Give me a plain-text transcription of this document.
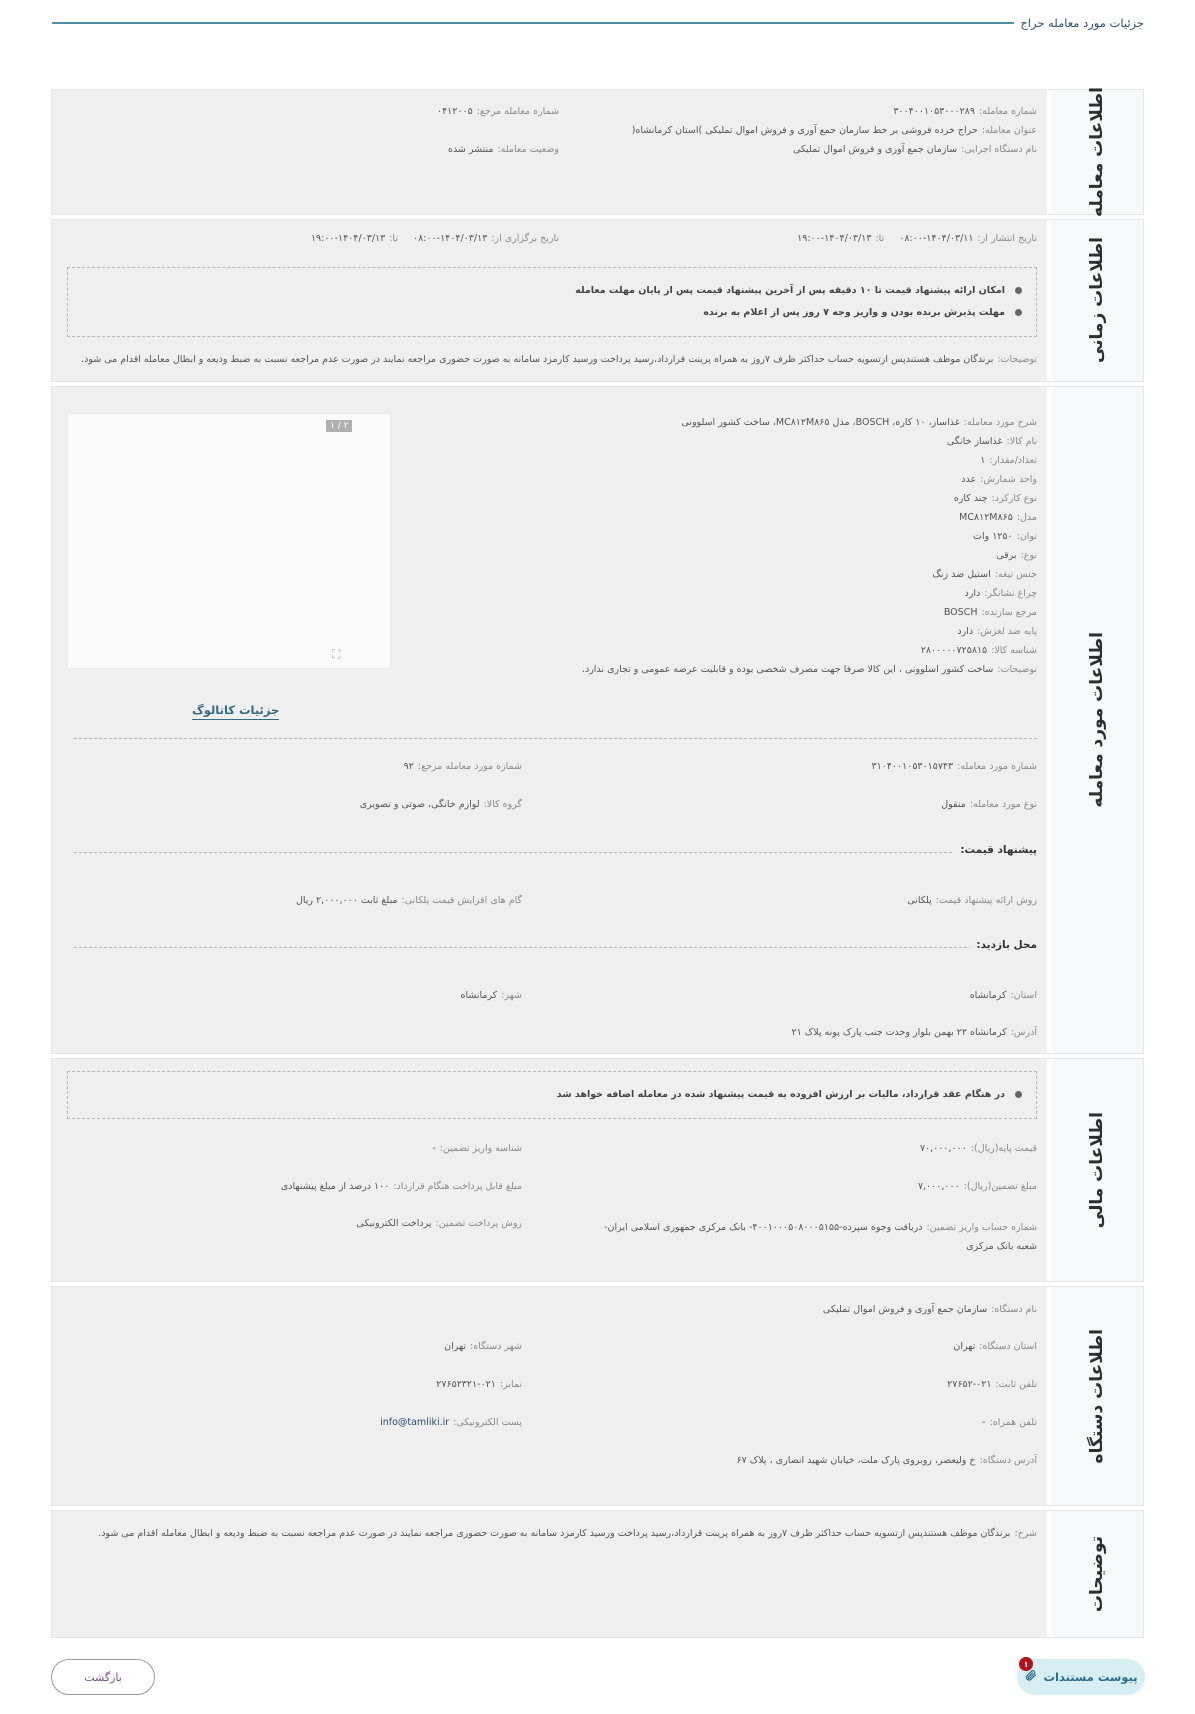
جزئیات مورد معامله حراج
اطلاعات معامله
شماره معامله:۳۰۰۴۰۰۱۰۵۳۰۰۰۲۸۹
شماره معامله مرجع:۰۴۱۲۰۰۵
عنوان معامله:حراج خرده فروشی بر خط سازمان جمع آوری و فروش اموال تملیکی )استان کرمانشاه(
نام دستگاه اجرایی:سازمان جمع آوری و فروش اموال تملیکی
وضعیت معامله:منتشر شده
اطلاعات زمانی
تاریخ انتشار از:۱۴۰۴/۰۳/۱۱-۰۸:۰۰ تا:۱۴۰۴/۰۳/۱۳-۱۹:۰۰
تاریخ برگزاری از:۱۴۰۴/۰۳/۱۳-۰۸:۰۰ تا:۱۴۰۴/۰۳/۱۳-۱۹:۰۰
امکان ارائه پیشنهاد قیمت تا ۱۰ دقیقه پس از آخرین پیشنهاد قیمت پس از پایان مهلت معامله
مهلت پذیرش برنده بودن و واریز وجه ۷ روز پس از اعلام به برنده
توضیحات:برندگان موظف هستندپس ازتسویه حساب حداکثر ظرف ۷روز به همراه پرینت قرارداد،رسید پرداخت ورسید کارمزد سامانه به صورت حضوری مراجعه نمایند در صورت عدم مراجعه نسبت به ضبط ودیعه و ابطال معامله اقدام می شود.
اطلاعات مورد معامله
شرح مورد معامله:غذاساز، ۱۰ کاره، BOSCH، مدل MC۸۱۲M۸۶۵، ساخت کشور اسلوونی
نام کالا:غذاساز خانگی
تعداد/مقدار:۱
واحد شمارش:عدد
نوع کارکرد:چند کاره
مدل:MC۸۱۲M۸۶۵
توان:۱۲۵۰ وات
نوع:برقی
جنس تیغه:استیل ضد زنگ
چراغ نشانگر:دارد
مرجع سازنده:BOSCH
پایه ضد لغزش:دارد
شناسه کالا:۲۸۰۰۰۰۰۷۲۵۸۱۵
توضیحات:ساخت کشور اسلوونی ، این کالا صرفا جهت مصرف شخصی بوده و قابلیت عرضه عمومی و تجاری ندارد.
۲ / ۱
⛶
جزئیات کاتالوگ
شماره مورد معامله:۳۱۰۴۰۰۱۰۵۳۰۱۵۷۴۳
شماره مورد معامله مرجع:۹۲
نوع مورد معامله:منقول
گروه کالا:لوازم خانگی، صوتی و تصویری
پیشنهاد قیمت:
روش ارائه پیشنهاد قیمت:پلکانی
گام های افزایش قیمت پلکانی:مبلغ ثابت ۲,۰۰۰,۰۰۰ ریال
محل بازدید:
استان:کرمانشاه
شهر:کرمانشاه
آدرس:کرمانشاه ۲۲ بهمن بلوار وحدت جنب پارک پونه پلاک ۲۱
اطلاعات مالی
در هنگام عقد قرارداد، مالیات بر ارزش افزوده به قیمت پیشنهاد شده در معامله اضافه خواهد شد
قیمت پایه(ریال):۷۰,۰۰۰,۰۰۰
شناسه واریز تضمین:-
مبلغ تضمین(ریال):۷,۰۰۰,۰۰۰
مبلغ قابل پرداخت هنگام قرارداد:۱۰۰ درصد از مبلغ پیشنهادی
شماره حساب واریز تضمین:دریافت وجوه سپرده-۴۰۰۱۰۰۰۵۰۸۰۰۰۵۱۵۵- بانک مرکزی جمهوری اسلامی ایران- شعبه بانک مرکزی
روش پرداخت تضمین:پرداخت الکترونیکی
اطلاعات دستگاه
نام دستگاه:سازمان جمع آوری و فروش اموال تملیکی
استان دستگاه:تهران
شهر دستگاه:تهران
تلفن ثابت:۰۲۱-۲۷۶۵۲
نمابر:۰۲۱-۲۷۶۵۲۳۲۱
تلفن همراه:-
پست الکترونیکی:info@tamliki.ir
آدرس دستگاه:خ ولیعصر، روبروی پارک ملت، خیابان شهید انصاری ، پلاک ۶۷
توضیحات
شرح:برندگان موظف هستندپس ازتسویه حساب حداکثر ظرف ۷روز به همراه پرینت قرارداد،رسید پرداخت ورسید کارمزد سامانه به صورت حضوری مراجعه نمایند در صورت عدم مراجعه نسبت به ضبط ودیعه و ابطال معامله اقدام می شود.
بازگشت
۱
پیوست مستندات
